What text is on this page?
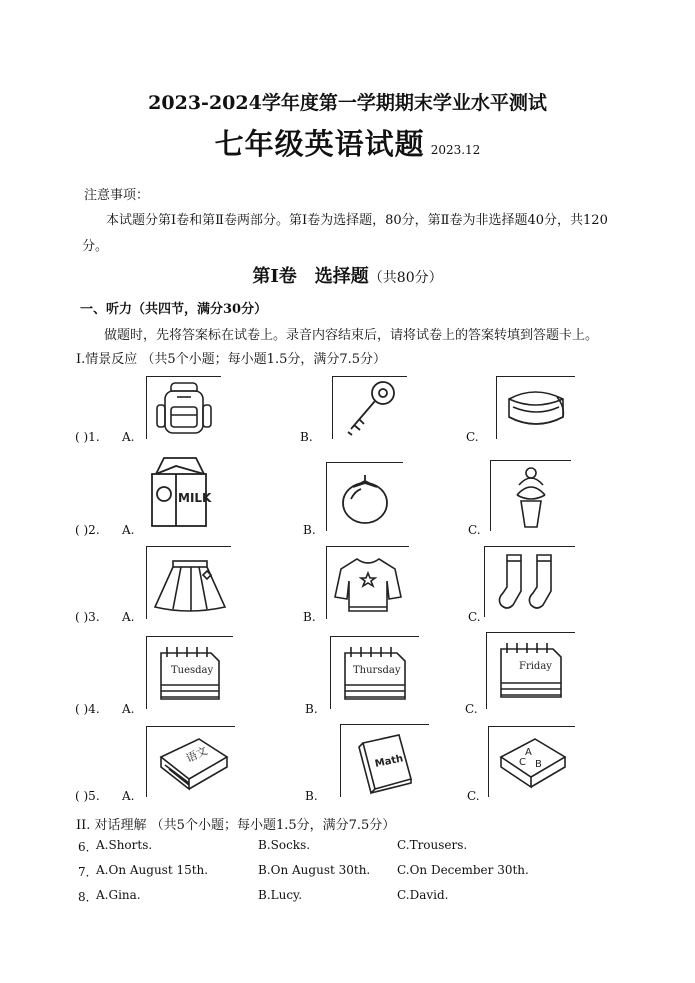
2023-2024学年度第一学期期末学业水平测试
七年级英语试题 2023.12
注意事项：
本试题分第Ⅰ卷和第Ⅱ卷两部分。第Ⅰ卷为选择题，80分，第Ⅱ卷为非选择题40分，共120分。
第Ⅰ卷　选择题（共80分）
一、听力（共四节，满分30分）
做题时，先将答案标在试卷上。录音内容结束后，请将试卷上的答案转填到答题卡上。
I.情景反应 （共5个小题；每小题1.5分，满分7.5分）
( )1. A.	B.	C.
( )2. A.
MILK
B.	C.
( )3. A.	B.	C.
( )4. A.
Tuesday
B.
Thursday
C.
Friday
( )5. A.
语文
B.
Math
C.
A
C B
II. 对话理解 （共5个小题；每小题1.5分，满分7.5分）
6．
A.Shorts.	B.Socks.	C.Trousers.
7．
A.On August 15th.	B.On August 30th. C.On December 30th.
8．
A.Gina.	B.Lucy.	C.David.
